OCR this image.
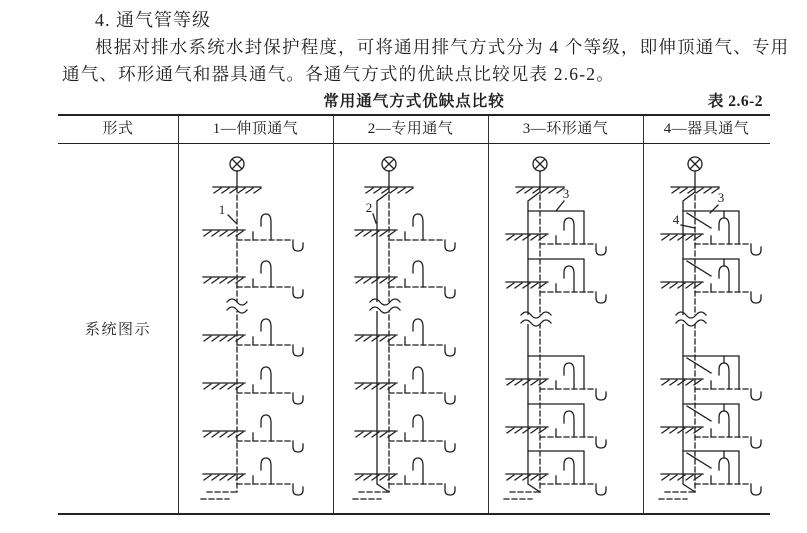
4. 通气管等级
根据对排水系统水封保护程度，可将通用排气方式分为 4 个等级，即伸顶通气、专用
通气、环形通气和器具通气。各通气方式的优缺点比较见表 2.6-2。
常用通气方式优缺点比较	表 2.6-2
形式	1—伸顶通气	2—专用通气	3—环形通气	4—器具通气
系统图示
1	2
3	3
4
